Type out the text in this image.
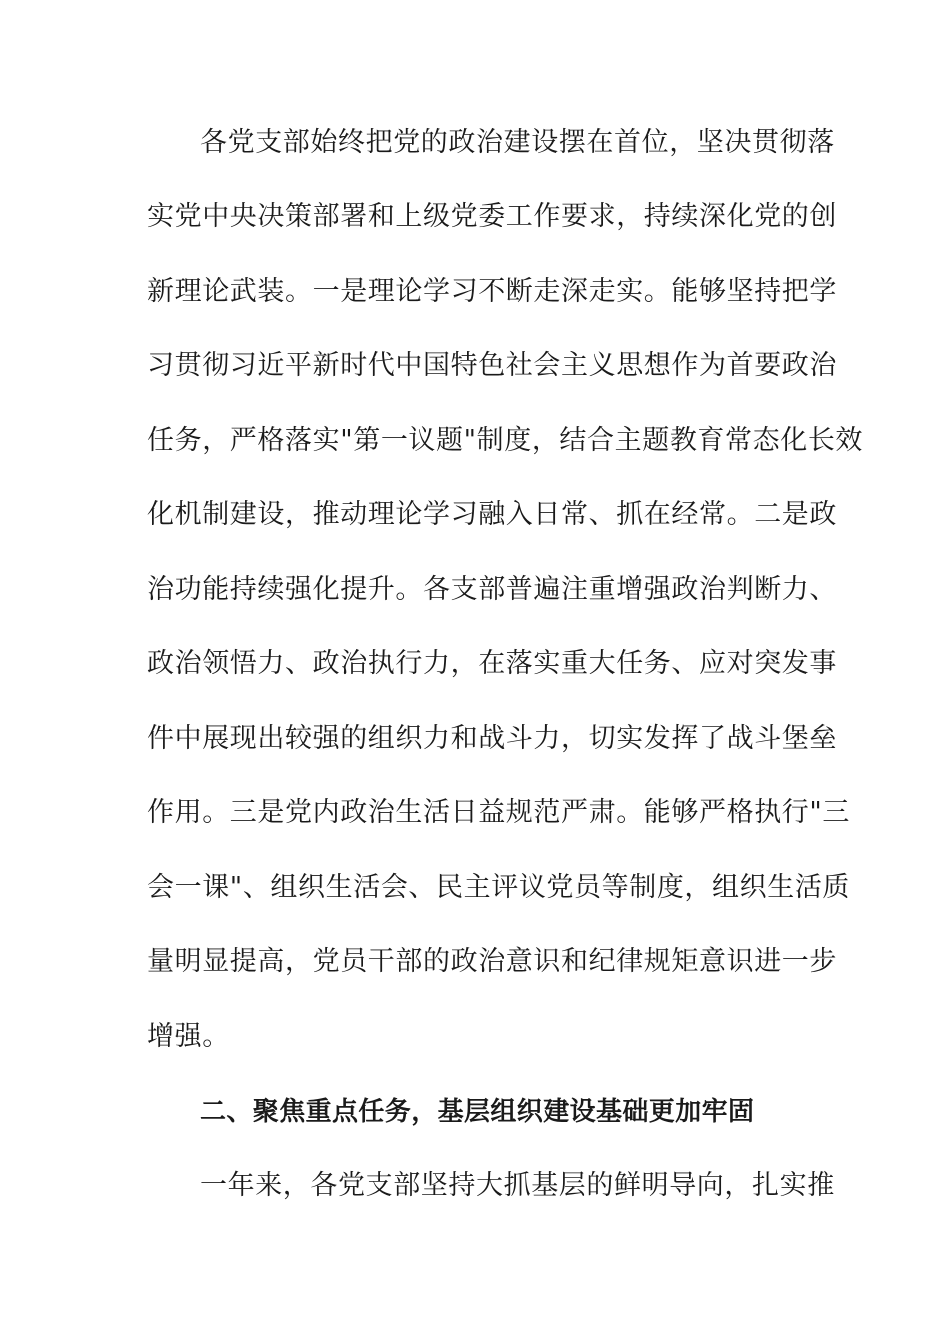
各党支部始终把党的政治建设摆在首位，坚决贯彻落
实党中央决策部署和上级党委工作要求，持续深化党的创
新理论武装。一是理论学习不断走深走实。能够坚持把学
习贯彻习近平新时代中国特色社会主义思想作为首要政治
任务，严格落实"第一议题"制度，结合主题教育常态化长效
化机制建设，推动理论学习融入日常、抓在经常。二是政
治功能持续强化提升。各支部普遍注重增强政治判断力、
政治领悟力、政治执行力，在落实重大任务、应对突发事
件中展现出较强的组织力和战斗力，切实发挥了战斗堡垒
作用。三是党内政治生活日益规范严肃。能够严格执行"三
会一课"、组织生活会、民主评议党员等制度，组织生活质
量明显提高，党员干部的政治意识和纪律规矩意识进一步
增强。
二、聚焦重点任务，基层组织建设基础更加牢固
一年来，各党支部坚持大抓基层的鲜明导向，扎实推
